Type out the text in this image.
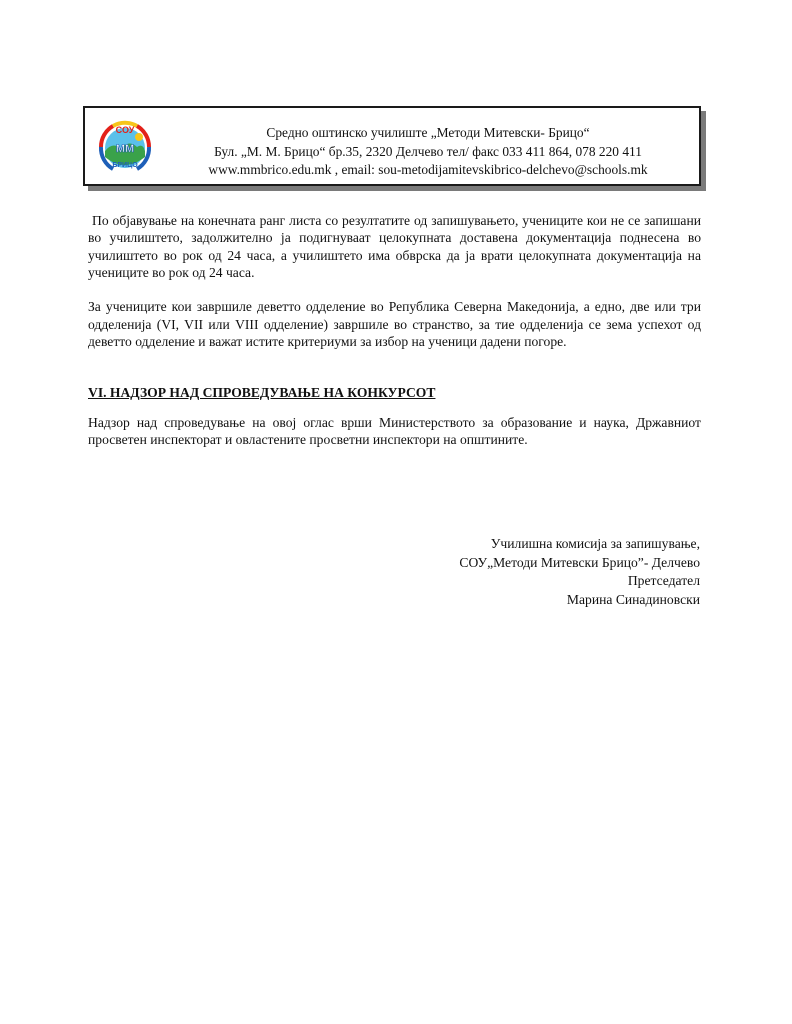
СОУ
ММ
БРИЦО
Средно оштинско училиште „Методи Митевски- Брицо“
Бул. „М. М. Брицо“ бр.35, 2320 Делчево тел/ факс 033 411 864, 078 220 411
www.mmbrico.edu.mk , email: sou-metodijamitevskibrico-delchevo@schools.mk

По објавување на конечната ранг листа со резултатите од запишувањето, учениците кои не се запишани во училиштето, задолжително ја подигнуваат целокупната доставена документација поднесена во училиштето во рок од 24 часа, а училиштето има обврска да ја врати целокупната документација на учениците во рок од 24 часа.

За учениците кои завршиле деветто одделение во Република Северна Македонија, а едно, две или три одделенија (VI, VII или VIII одделение) завршиле во странство, за тие одделенија се зема успехот од деветто одделение и важат истите критериуми за избор на ученици дадени погоре.

VI. НАДЗОР НАД СПРОВЕДУВАЊЕ НА КОНКУРСОТ

Надзор над спроведување на овој оглас врши Министерството за образование и наука, Државниот просветен инспекторат и овластените просветни инспектори на општините.

Училишна комисија за запишување,
СОУ„Методи Митевски Брицо”- Делчево
Претседател
Марина Синадиновски
